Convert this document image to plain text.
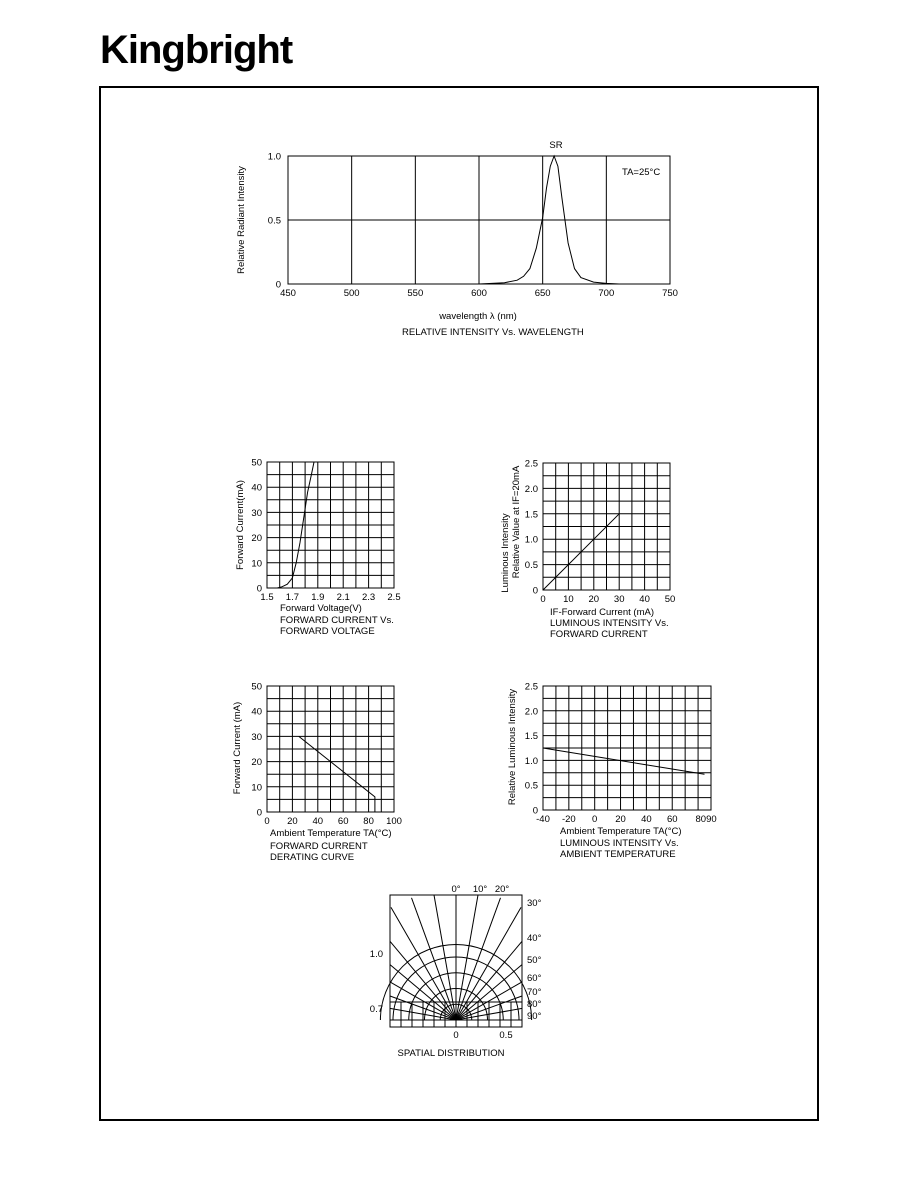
Kingbright
0
0.5
1.0
450	500	550	600	650	700	750
wavelength λ (nm)
Relative Radiant Intensity
RELATIVE INTENSITY Vs. WAVELENGTH
SR
TA=25°C
0
10
20
30
40
50
1.5 1.7 1.9 2.1 2.3 2.5
Forward Voltage(V)
Forward Current(mA)
FORWARD CURRENT Vs.
FORWARD VOLTAGE
0
0.5
1.0
1.5
2.0
2.5
0 10 20 30 40 50
IF-Forward Current (mA)
Luminous Intensity Relative Value at IF=20mA
LUMINOUS INTENSITY Vs.
FORWARD CURRENT
0
10
20
30
40
50
0 20 40 60 80 100
Ambient Temperature TA(°C)
Forward Current (mA)
FORWARD CURRENT
DERATING CURVE
0
0.5
1.0
1.5
2.0
2.5
-40 -20 0 20 40 60 8090
Ambient Temperature TA(°C)
Relative Luminous Intensity
LUMINOUS INTENSITY Vs.
AMBIENT TEMPERATURE
0° 10° 20°
30°
40°
50°
60°
70°
80°
90°
1.0
0.7
0	0.5
SPATIAL DISTRIBUTION
